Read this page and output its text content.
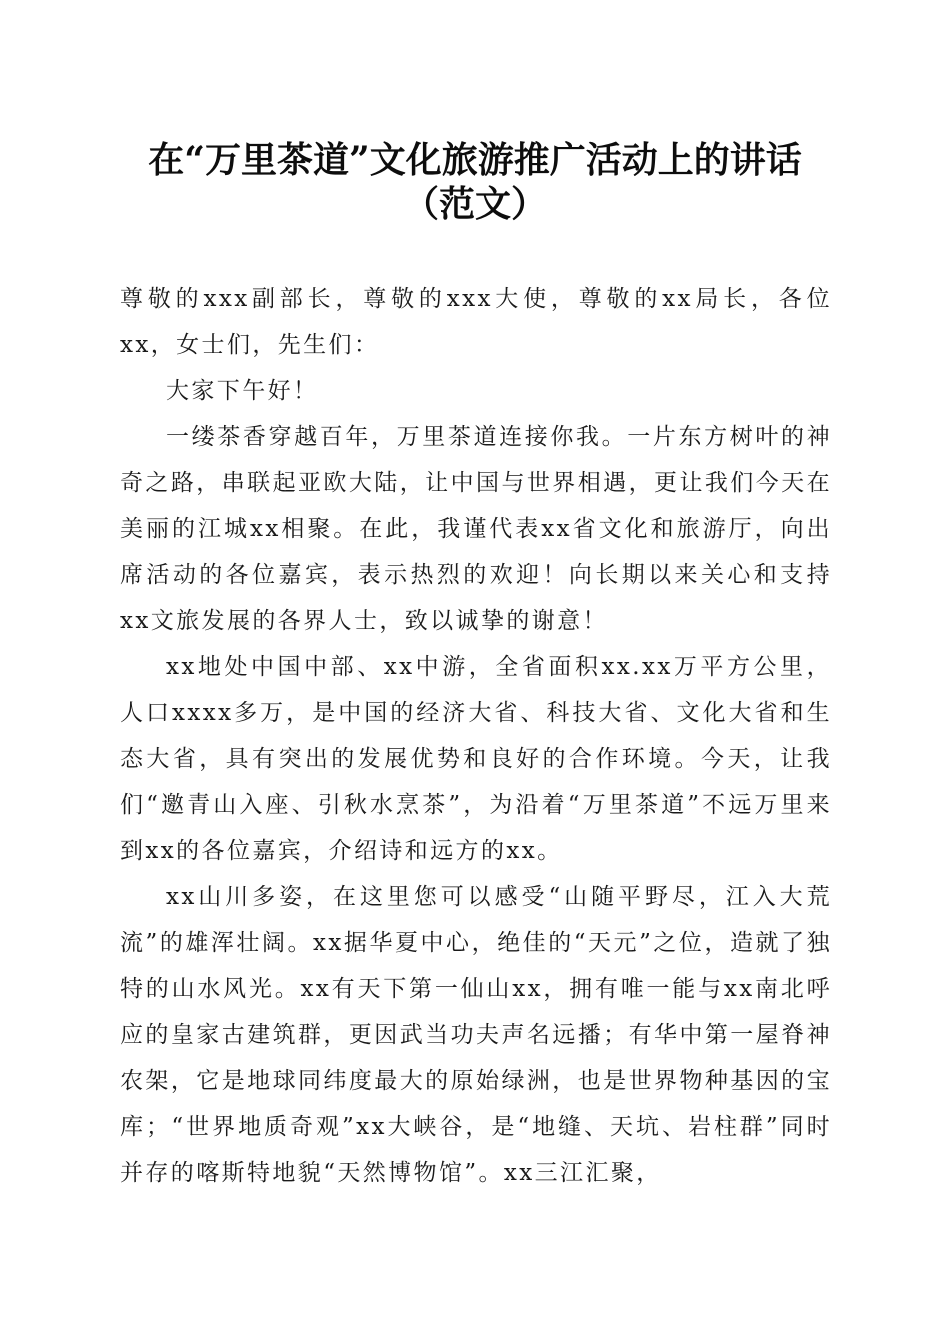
在“万里茶道”文化旅游推广活动上的讲话
（范文）

尊敬的xxx副部长，尊敬的xxx大使，尊敬的xx局长，各位xx，女士们，先生们：

大家下午好！

一缕茶香穿越百年，万里茶道连接你我。一片东方树叶的神奇之路，串联起亚欧大陆，让中国与世界相遇，更让我们今天在美丽的江城xx相聚。在此，我谨代表xx省文化和旅游厅，向出席活动的各位嘉宾，表示热烈的欢迎！向长期以来关心和支持xx文旅发展的各界人士，致以诚挚的谢意！

xx地处中国中部、xx中游，全省面积xx.xx万平方公里，人口xxxx多万，是中国的经济大省、科技大省、文化大省和生态大省，具有突出的发展优势和良好的合作环境。今天，让我们“邀青山入座、引秋水烹茶”，为沿着“万里茶道”不远万里来到xx的各位嘉宾，介绍诗和远方的xx。

xx山川多姿，在这里您可以感受“山随平野尽，江入大荒流”的雄浑壮阔。xx据华夏中心，绝佳的“天元”之位，造就了独特的山水风光。xx有天下第一仙山xx，拥有唯一能与xx南北呼应的皇家古建筑群，更因武当功夫声名远播；有华中第一屋脊神农架，它是地球同纬度最大的原始绿洲，也是世界物种基因的宝库；“世界地质奇观”xx大峡谷，是“地缝、天坑、岩柱群”同时并存的喀斯特地貌“天然博物馆”。xx三江汇聚，
